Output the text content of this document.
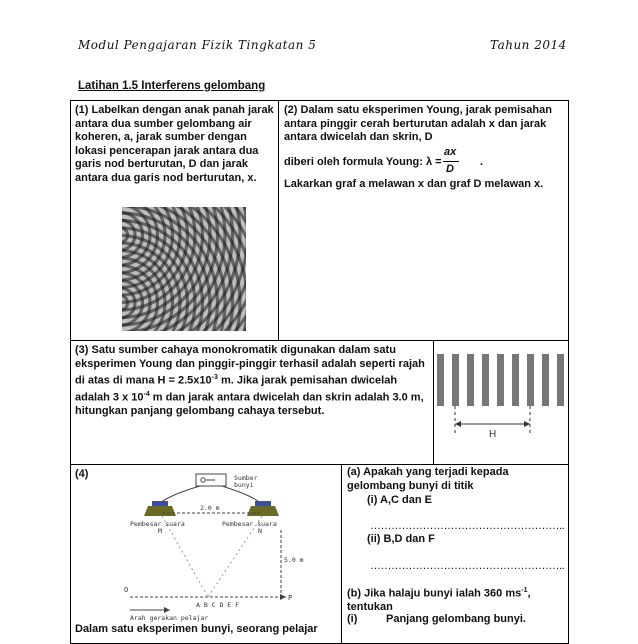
Modul Pengajaran Fizik Tingkatan 5	Tahun 2014
Latihan 1.5 Interferens gelombang
(1) Labelkan dengan anak panah jarak antara dua sumber gelombang air koheren, a, jarak sumber dengan lokasi pencerapan jarak antara dua garis nod berturutan, D dan jarak antara dua garis nod berturutan, x.
(2) Dalam satu eksperimen Young, jarak pemisahan antara pinggir cerah berturutan adalah x dan jarak antara dwicelah dan skrin, D
diberi oleh formula Young: λ =
ax
D
.
Lakarkan graf a melawan x dan graf D melawan x.
(3) Satu sumber cahaya monokromatik digunakan dalam satu eksperimen Young dan pinggir-pinggir terhasil adalah seperti rajah di atas di mana $H = 2.5x10^{-3}$ m. Jika jarak pemisahan dwicelah adalah 3 x $10^{-4}$ m dan jarak antara dwicelah dan skrin adalah 3.0 m, hitungkan panjang gelombang cahaya tersebut.
H
(4)	Sumber
bunyi
2.0 m
Pembesar suara
M
Pembesar suara
N
5.0 m
O
P
A B C D E F
Arah gerakan pelajar
Dalam satu eksperimen bunyi, seorang pelajar
(a) Apakah yang terjadi kepada gelombang bunyi di titik
(i) A,C dan E
………………………………………………..
(ii) B,D dan F
………………………………………………..
(b) Jika halaju bunyi ialah 360 $ms^{-1}$, tentukan
(i)	Panjang gelombang bunyi.
